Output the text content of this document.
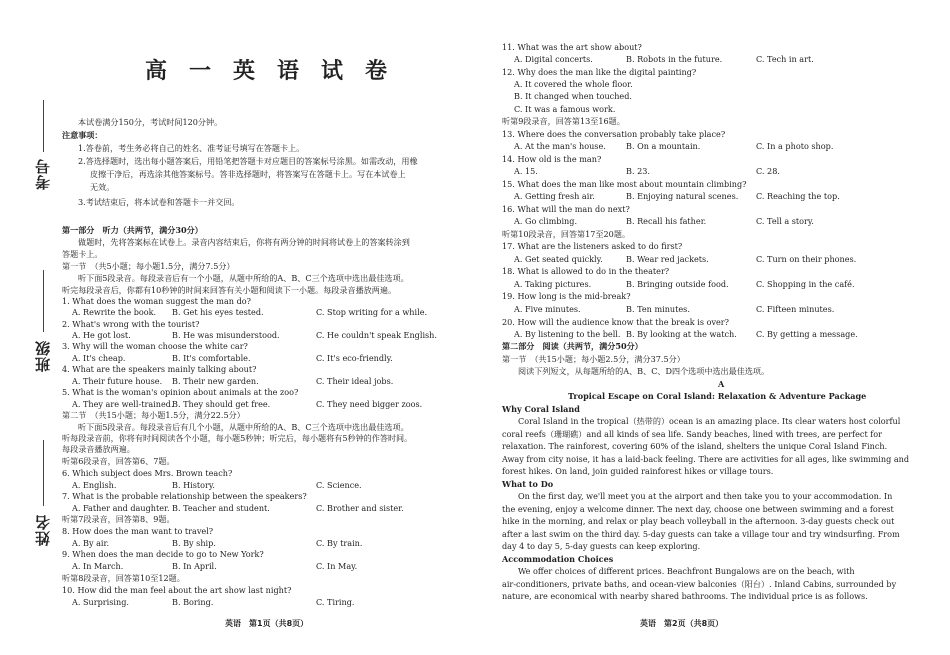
考号
班级
姓名
高一英语试卷
本试卷满分150分，考试时间120分钟。
注意事项：
1.答卷前，考生务必将自己的姓名、准考证号填写在答题卡上。
2.答选择题时，选出每小题答案后，用铅笔把答题卡对应题目的答案标号涂黑。如需改动，用橡
皮擦干净后，再选涂其他答案标号。答非选择题时，将答案写在答题卡上。写在本试卷上
无效。
3.考试结束后，将本试卷和答题卡一并交回。
第一部分　听力（共两节，满分30分）
做题时，先将答案标在试卷上。录音内容结束后，你将有两分钟的时间将试卷上的答案转涂到
答题卡上。
第一节　（共5小题；每小题1.5分，满分7.5分）
听下面5段录音。每段录音后有一个小题，从题中所给的A、B、C三个选项中选出最佳选项。
听完每段录音后，你都有10秒钟的时间来回答有关小题和阅读下一小题。每段录音播放两遍。
1. What does the woman suggest the man do?
A. Rewrite the book. B. Get his eyes tested.	C. Stop writing for a while.
2. What's wrong with the tourist?
A. He got lost.	B. He was misunderstood.	C. He couldn't speak English.
3. Why will the woman choose the white car?
A. It's cheap.	B. It's comfortable.	C. It's eco-friendly.
4. What are the speakers mainly talking about?
A. Their future house. B. Their new garden.	C. Their ideal jobs.
5. What is the woman's opinion about animals at the zoo?
A. They are well-trained.
B. They should get free.	C. They need bigger zoos.
第二节　（共15小题；每小题1.5分，满分22.5分）
听下面5段录音。每段录音后有几个小题，从题中所给的A、B、C三个选项中选出最佳选项。
听每段录音前，你将有时间阅读各个小题，每小题5秒钟；听完后，每小题将有5秒钟的作答时间。
每段录音播放两遍。
听第6段录音，回答第6、7题。
6. Which subject does Mrs. Brown teach?
A. English.	B. History.	C. Science.
7. What is the probable relationship between the speakers?
A. Father and daughter. B. Teacher and student.	C. Brother and sister.
听第7段录音，回答第8、9题。
8. How does the man want to travel?
A. By air.	B. By ship.	C. By train.
9. When does the man decide to go to New York?
A. In March.	B. In April.	C. In May.
听第8段录音，回答第10至12题。
10. How did the man feel about the art show last night?
A. Surprising.	B. Boring.	C. Tiring.
11. What was the art show about?
A. Digital concerts.	B. Robots in the future.	C. Tech in art.
12. Why does the man like the digital painting?
A. It covered the whole floor.
B. It changed when touched.
C. It was a famous work.
听第9段录音，回答第13至16题。
13. Where does the conversation probably take place?
A. At the man's house. B. On a mountain.	C. In a photo shop.
14. How old is the man?
A. 15.	B. 23.	C. 28.
15. What does the man like most about mountain climbing?
A. Getting fresh air.	B. Enjoying natural scenes. C. Reaching the top.
16. What will the man do next?
A. Go climbing.	B. Recall his father.	C. Tell a story.
听第10段录音，回答第17至20题。
17. What are the listeners asked to do first?
A. Get seated quickly.	B. Wear red jackets.	C. Turn on their phones.
18. What is allowed to do in the theater?
A. Taking pictures.	B. Bringing outside food.	C. Shopping in the café.
19. How long is the mid-break?
A. Five minutes.	B. Ten minutes.	C. Fifteen minutes.
20. How will the audience know that the break is over?
A. By listening to the bell. B. By looking at the watch. C. By getting a message.
第二部分　阅读（共两节，满分50分）
第一节　（共15小题；每小题2.5分，满分37.5分）
阅读下列短文，从每题所给的A、B、C、D四个选项中选出最佳选项。
A
Tropical Escape on Coral Island: Relaxation & Adventure Package
Why Coral Island
Coral Island in the tropical（热带的）ocean is an amazing place. Its clear waters host colorful
coral reefs（珊瑚礁）and all kinds of sea life. Sandy beaches, lined with trees, are perfect for
relaxation. The rainforest, covering 60% of the island, shelters the unique Coral Island Finch.
Away from city noise, it has a laid-back feeling. There are activities for all ages, like swimming and
forest hikes. On land, join guided rainforest hikes or village tours.
What to Do
On the first day, we'll meet you at the airport and then take you to your accommodation. In
the evening, enjoy a welcome dinner. The next day, choose one between swimming and a forest
hike in the morning, and relax or play beach volleyball in the afternoon. 3-day guests check out
after a last swim on the third day. 5-day guests can take a village tour and try windsurfing. From
day 4 to day 5, 5-day guests can keep exploring.
Accommodation Choices
We offer choices of different prices. Beachfront Bungalows are on the beach, with
air-conditioners, private baths, and ocean-view balconies（阳台）. Inland Cabins, surrounded by
nature, are economical with nearby shared bathrooms. The individual price is as follows.
英语　第1页（共8页）	英语　第2页（共8页）
